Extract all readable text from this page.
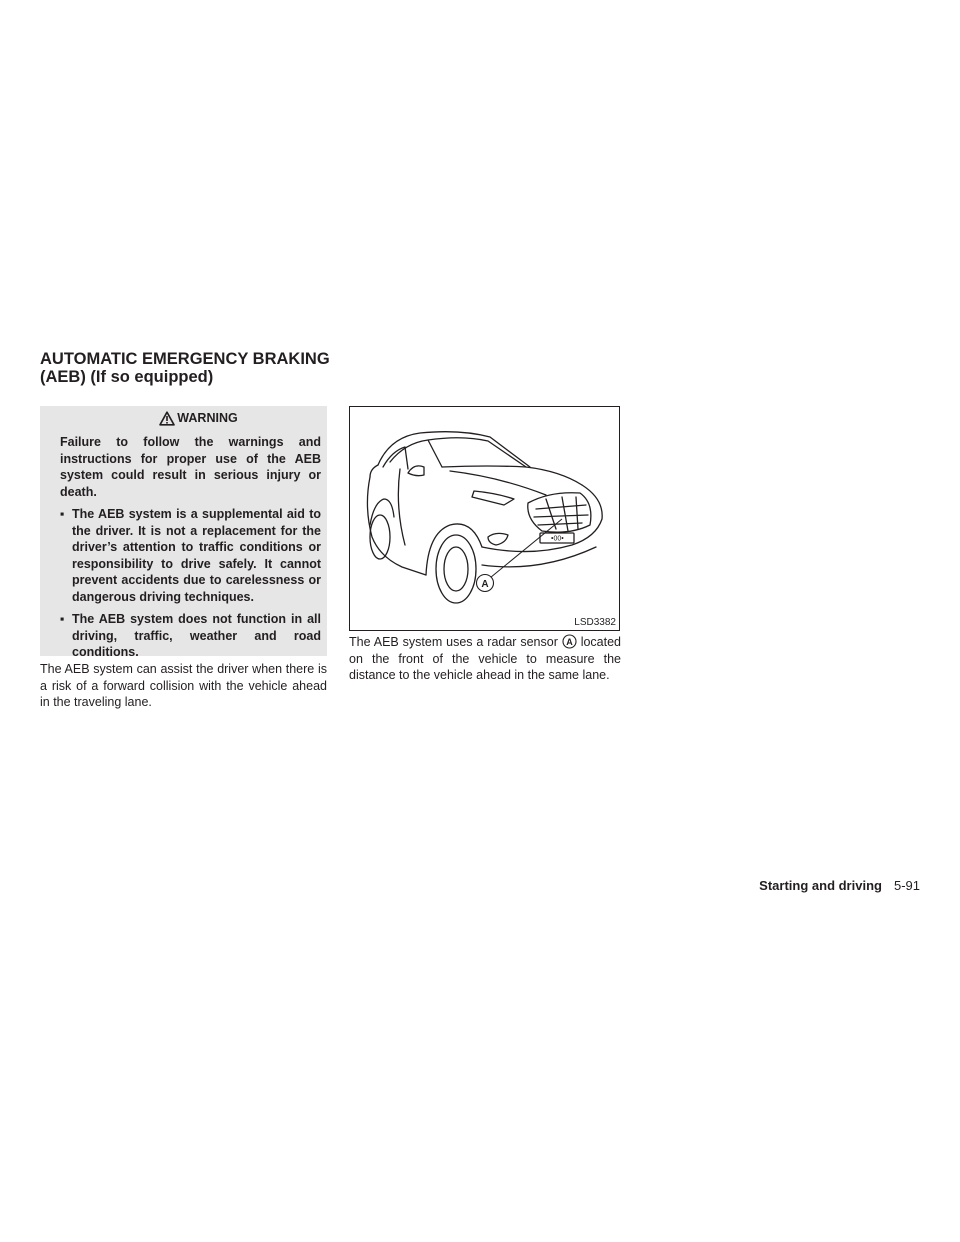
AUTOMATIC EMERGENCY BRAKING
(AEB) (If so equipped)
WARNING

Failure to follow the warnings and instructions for proper use of the AEB system could result in serious injury or death.

▪ The AEB system is a supplemental aid to the driver. It is not a replacement for the driver’s attention to traffic conditions or responsibility to drive safely. It cannot prevent accidents due to carelessness or dangerous driving techniques.
▪ The AEB system does not function in all driving, traffic, weather and road conditions.

The AEB system can assist the driver when there is a risk of a forward collision with the vehicle ahead in the traveling lane.

•00•
A
LSD3382

The AEB system uses a radar sensor A located on the front of the vehicle to measure the distance to the vehicle ahead in the same lane.

Starting and driving 5-91
